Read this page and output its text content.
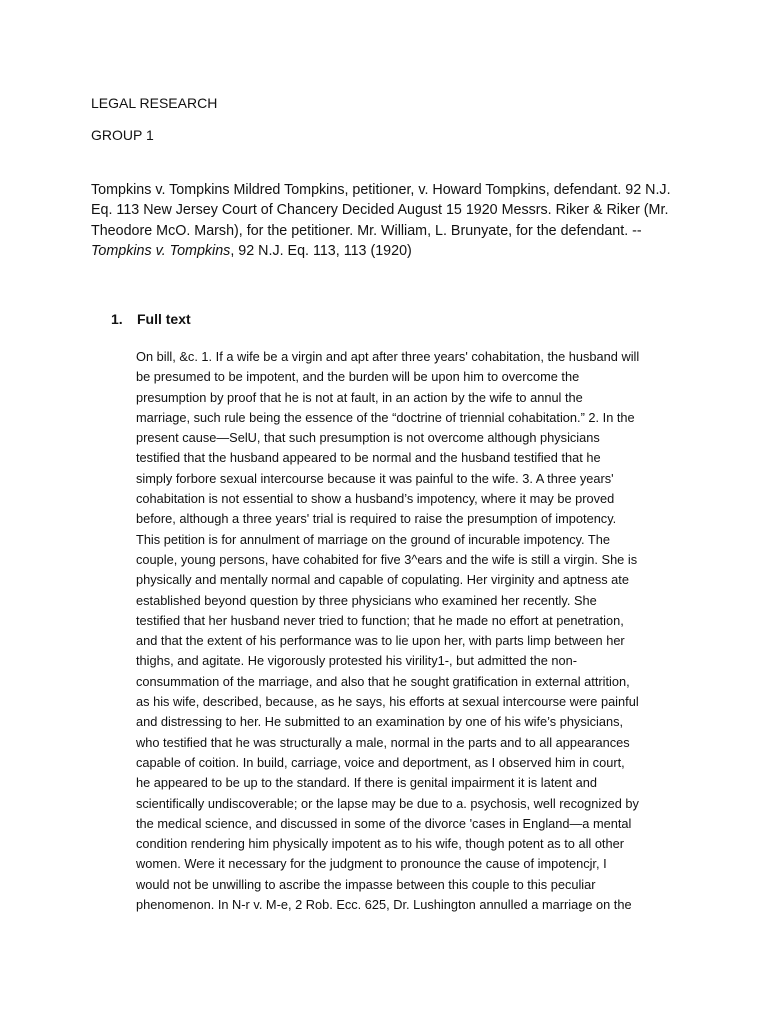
LEGAL RESEARCH
GROUP 1

Tompkins v. Tompkins Mildred Tompkins, petitioner, v. Howard Tompkins, defendant. 92 N.J. Eq. 113 New Jersey Court of Chancery Decided August 15 1920 Messrs. Riker & Riker (Mr. Theodore McO. Marsh), for the petitioner. Mr. William, L. Brunyate, for the defendant. -- Tompkins v. Tompkins, 92 N.J. Eq. 113, 113 (1920)

1. Full text

On bill, &c. 1. If a wife be a virgin and apt after three years' cohabitation, the husband will
be presumed to be impotent, and the burden will be upon him to overcome the
presumption by proof that he is not at fault, in an action by the wife to annul the
marriage, such rule being the essence of the “doctrine of triennial cohabitation.” 2. In the
present cause—SelU, that such presumption is not overcome although physicians
testified that the husband appeared to be normal and the husband testified that he
simply forbore sexual intercourse because it was painful to the wife. 3. A three years'
cohabitation is not essential to show a husband’s impotency, where it may be proved
before, although a three years' trial is required to raise the presumption of impotency.
This petition is for annulment of marriage on the ground of incurable impotency. The
couple, young persons, have cohabited for five 3^ears and the wife is still a virgin. She is
physically and mentally normal and capable of copulating. Her virginity and aptness ate
established beyond question by three physicians who examined her recently. She
testified that her husband never tried to function; that he made no effort at penetration,
and that the extent of his performance was to lie upon her, with parts limp between her
thighs, and agitate. He vigorously protested his virility1-, but admitted the non-
consummation of the marriage, and also that he sought gratification in external attrition,
as his wife, described, because, as he says, his efforts at sexual intercourse were painful
and distressing to her. He submitted to an examination by one of his wife’s physicians,
who testified that he was structurally a male, normal in the parts and to all appearances
capable of coition. In build, carriage, voice and deportment, as I observed him in court,
he appeared to be up to the standard. If there is genital impairment it is latent and
scientifically undiscoverable; or the lapse may be due to a. psychosis, well recognized by
the medical science, and discussed in some of the divorce 'cases in England—a mental
condition rendering him physically impotent as to his wife, though potent as to all other
women. Were it necessary for the judgment to pronounce the cause of impotencjr, I
would not be unwilling to ascribe the impasse between this couple to this peculiar
phenomenon. In N-r v. M-e, 2 Rob. Ecc. 625, Dr. Lushington annulled a marriage on the
